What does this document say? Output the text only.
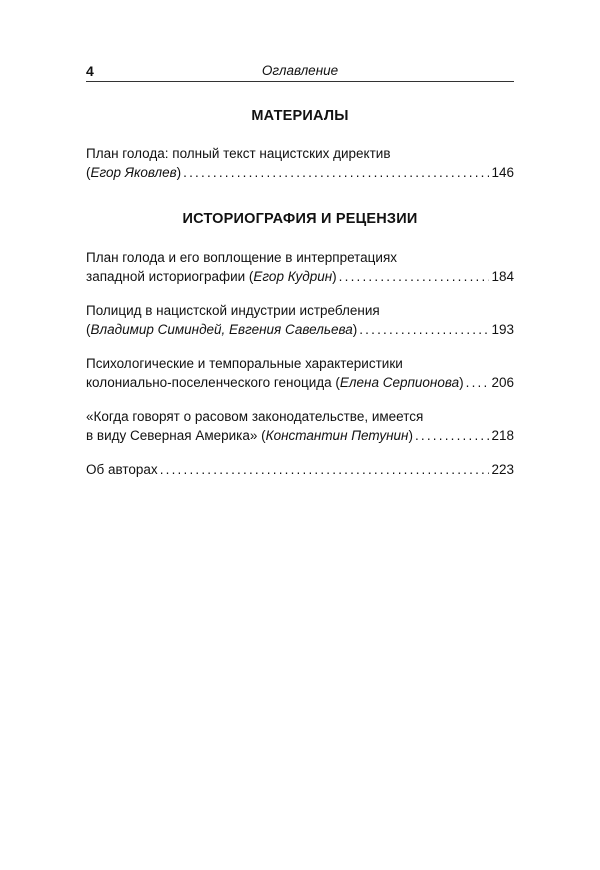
4	Оглавление
МАТЕРИАЛЫ
План голода: полный текст нацистских директив
(Егор Яковлев) .....	146
ИСТОРИОГРАФИЯ И РЕЦЕНЗИИ
План голода и его воплощение в интерпретациях
западной историографии (Егор Кудрин) .....	184
Полицид в нацистской индустрии истребления
(Владимир Симиндей, Евгения Савельева) .....	193
Психологические и темпоральные характеристики
колониально-поселенческого геноцида (Елена Серпионова) ..... 206
«Когда говорят о расовом законодательстве, имеется
в виду Северная Америка» (Константин Петунин) .....	218
Об авторах .....	223
